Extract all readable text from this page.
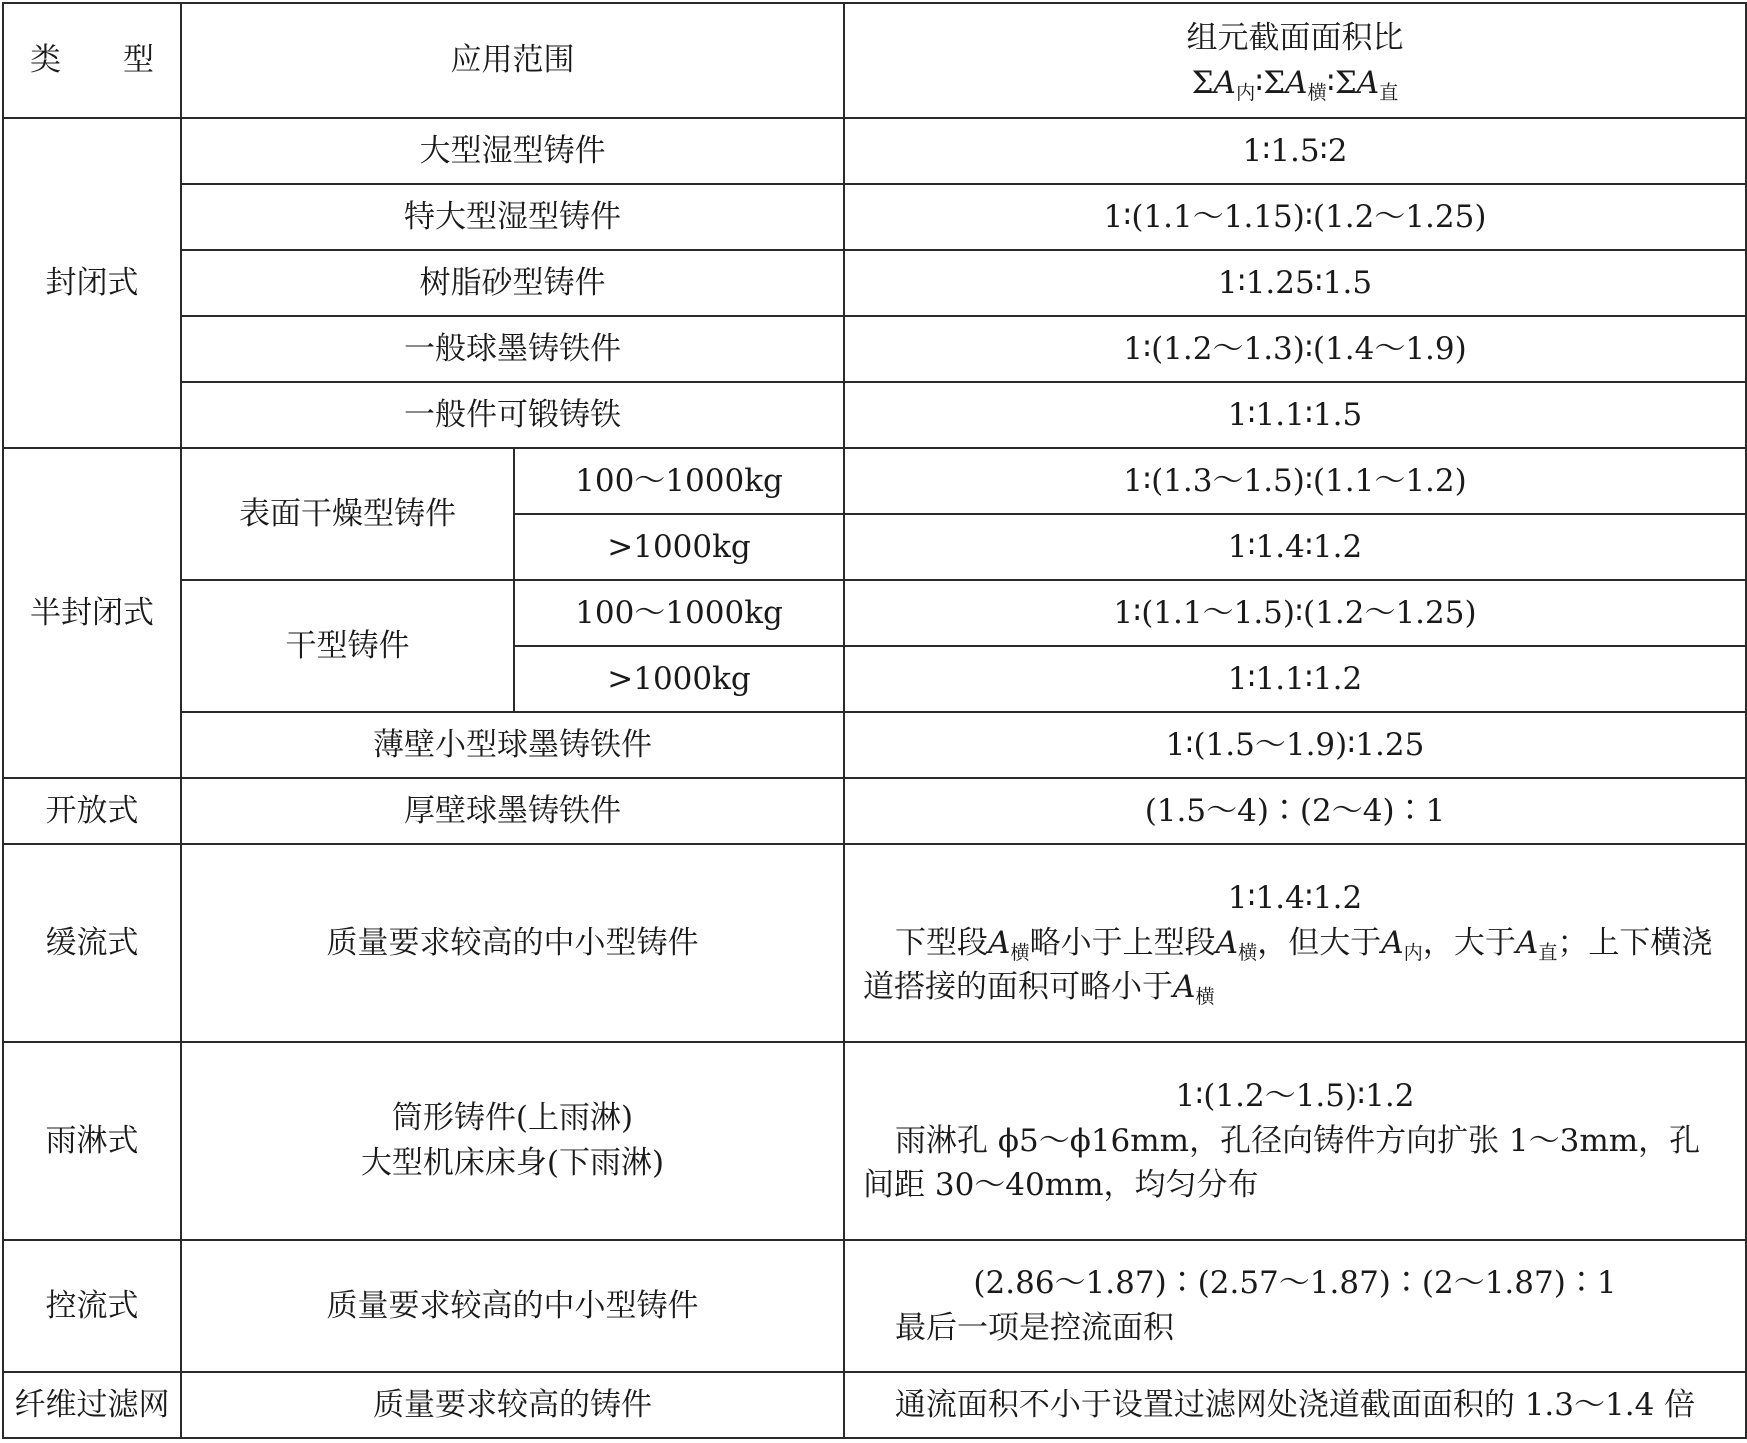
类　　型	应用范围		组元截面面积比
$\Sigma A_内∶\Sigma A_横∶\Sigma A_直$

封闭式	大型湿型铸件		1∶1.5∶2
	特大型湿型铸件		1∶(1.1～1.15)∶(1.2～1.25)
	树脂砂型铸件		1∶1.25∶1.5
	一般球墨铸铁件		1∶(1.2～1.3)∶(1.4～1.9)
	一般件可锻铸铁		1∶1.1∶1.5
半封闭式	表面干燥型铸件	100～1000kg	1∶(1.3～1.5)∶(1.1～1.2)
		>1000kg	1∶1.4∶1.2
	干型铸件	100～1000kg	1∶(1.1～1.5)∶(1.2～1.25)
		>1000kg	1∶1.1∶1.2
	薄壁小型球墨铸铁件		1∶(1.5～1.9)∶1.25
开放式	厚壁球墨铸铁件		(1.5～4)∶(2～4)∶1
缓流式	质量要求较高的中小型铸件		1∶1.4∶1.2
下型段$A_横$略小于上型段$A_横$，但大于$A_内$，大于$A_直$；上下横浇道搭接的面积可略小于$A_横$

雨淋式	筒形铸件(上雨淋)
大型机床床身(下雨淋)		1∶(1.2～1.5)∶1.2
雨淋孔 ϕ5～ϕ16mm，孔径向铸件方向扩张 1～3mm，孔间距 30～40mm，均匀分布

控流式	质量要求较高的中小型铸件		(2.86～1.87)∶(2.57～1.87)∶(2～1.87)∶1
最后一项是控流面积

纤维过滤网	质量要求较高的铸件		通流面积不小于设置过滤网处浇道截面面积的 1.3～1.4 倍
